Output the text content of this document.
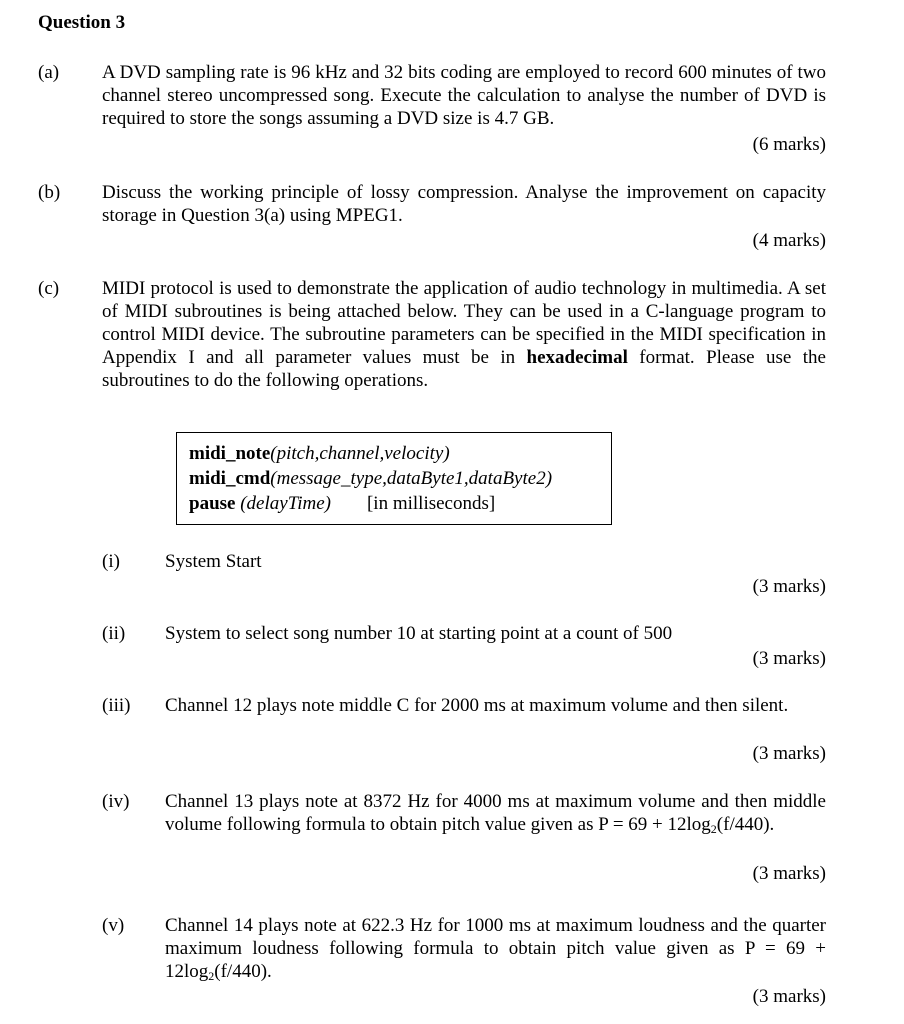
Question 3
(a) A DVD sampling rate is 96 kHz and 32 bits coding are employed to record 600 minutes of two channel stereo uncompressed song. Execute the calculation to analyse the number of DVD is required to store the songs assuming a DVD size is 4.7 GB.
(6 marks)
(b) Discuss the working principle of lossy compression. Analyse the improvement on capacity storage in Question 3(a) using MPEG1.
(4 marks)
(c) MIDI protocol is used to demonstrate the application of audio technology in multimedia. A set of MIDI subroutines is being attached below. They can be used in a C-language program to control MIDI device. The subroutine parameters can be specified in the MIDI specification in Appendix I and all parameter values must be in hexadecimal format. Please use the subroutines to do the following operations.
midi_note(pitch,channel,velocity)
midi_cmd(message_type,dataByte1,dataByte2)
pause (delayTime) [in milliseconds]
(i) System Start
(3 marks)
(ii) System to select song number 10 at starting point at a count of 500
(3 marks)
(iii) Channel 12 plays note middle C for 2000 ms at maximum volume and then silent.
(3 marks)
(iv) Channel 13 plays note at 8372 Hz for 4000 ms at maximum volume and then middle volume following formula to obtain pitch value given as $P = 69 + 12\log_2(f/440)$.
(3 marks)
(v) Channel 14 plays note at 622.3 Hz for 1000 ms at maximum loudness and the quarter maximum loudness following formula to obtain pitch value given as $P = 69 + 12\log_2(f/440)$.
(3 marks)
